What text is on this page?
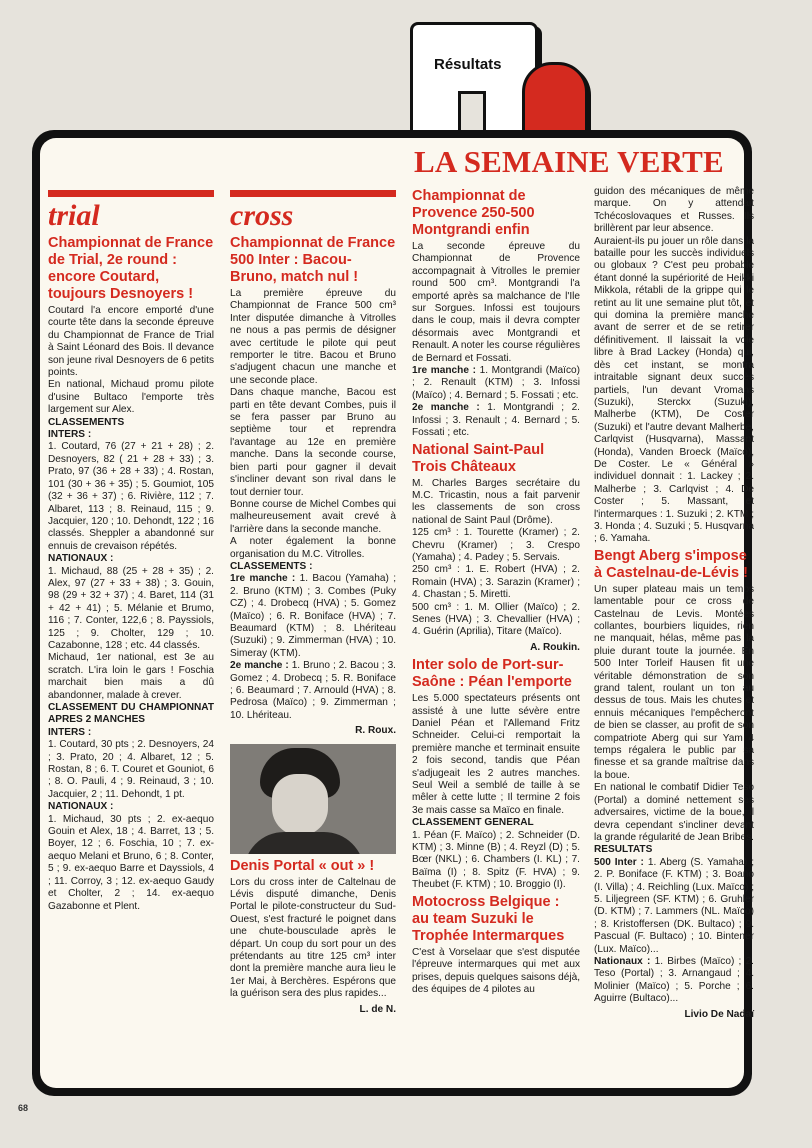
Résultats
LA SEMAINE VERTE
trial
Championnat de France de Trial, 2e round : encore Coutard, toujours Desnoyers !

Coutard l'a encore emporté d'une courte tête dans la seconde épreuve du Championnat de France de Trial à Saint Léonard des Bois. Il devance son jeune rival Desnoyers de 6 petits points.

En national, Michaud promu pilote d'usine Bultaco l'emporte très largement sur Alex.

CLASSEMENTS

INTERS :

1. Coutard, 76 (27 + 21 + 28) ; 2. Desnoyers, 82 ( 21 + 28 + 33) ; 3. Prato, 97 (36 + 28 + 33) ; 4. Rostan, 101 (30 + 36 + 35) ; 5. Goumiot, 105 (32 + 36 + 37) ; 6. Rivière, 112 ; 7. Albaret, 113 ; 8. Reinaud, 115 ; 9. Jacquier, 120 ; 10. Dehondt, 122 ; 16 classés. Sheppler a abandonné sur ennuis de crevaison répétés.

NATIONAUX :

1. Michaud, 88 (25 + 28 + 35) ; 2. Alex, 97 (27 + 33 + 38) ; 3. Gouin, 98 (29 + 32 + 37) ; 4. Baret, 114 (31 + 42 + 41) ; 5. Mélanie et Brumo, 116 ; 7. Conter, 122,6 ; 8. Payssiols, 125 ; 9. Cholter, 129 ; 10. Cazabonne, 128 ; etc. 44 classés.

Michaud, 1er national, est 3e au scratch. L'ira loin le gars ! Foschia marchait bien mais a dû abandonner, malade à crever.

CLASSEMENT DU CHAMPIONNAT APRES 2 MANCHES

INTERS :

1. Coutard, 30 pts ; 2. Desnoyers, 24 ; 3. Prato, 20 ; 4. Albaret, 12 ; 5. Rostan, 8 ; 6. T. Couret et Gouniot, 6 ; 8. O. Pauli, 4 ; 9. Reinaud, 3 ; 10. Jacquier, 2 ; 11. Dehondt, 1 pt.

NATIONAUX :

1. Michaud, 30 pts ; 2. ex-aequo Gouin et Alex, 18 ; 4. Barret, 13 ; 5. Boyer, 12 ; 6. Foschia, 10 ; 7. ex-aequo Melani et Bruno, 6 ; 8. Conter, 5 ; 9. ex-aequo Barre et Dayssiols, 4 ; 11. Corroy, 3 ; 12. ex-aequo Gaudy et Cholter, 2 ; 14. ex-aequo Gazabonne et Plent.

cross
Championnat de France 500 Inter : Bacou-Bruno, match nul !

La première épreuve du Championnat de France 500 cm³ Inter disputée dimanche à Vitrolles ne nous a pas permis de désigner avec certitude le pilote qui peut remporter le titre. Bacou et Bruno s'adjugent chacun une manche et une seconde place.

Dans chaque manche, Bacou est parti en tête devant Combes, puis il se fera passer par Bruno au septième tour et reprendra l'avantage au 12e en première manche. Dans la seconde course, bien parti pour gagner il devait s'incliner devant son rival dans le tout dernier tour.

Bonne course de Michel Combes qui malheureusement avait crevé à l'arrière dans la seconde manche.

A noter également la bonne organisation du M.C. Vitrolles.

CLASSEMENTS :

1re manche : 1. Bacou (Yamaha) ; 2. Bruno (KTM) ; 3. Combes (Puky CZ) ; 4. Drobecq (HVA) ; 5. Gomez (Maïco) ; 6. R. Boniface (HVA) ; 7. Beaumard (KTM) ; 8. Lhériteau (Suzuki) ; 9. Zimmerman (HVA) ; 10. Simeray (KTM).

2e manche : 1. Bruno ; 2. Bacou ; 3. Gomez ; 4. Drobecq ; 5. R. Boniface ; 6. Beaumard ; 7. Arnould (HVA) ; 8. Pedrosa (Maïco) ; 9. Zimmerman ; 10. Lhériteau.

R. Roux.
Denis Portal « out » !

Lors du cross inter de Caltelnau de Lévis disputé dimanche, Denis Portal le pilote-constructeur du Sud-Ouest, s'est fracturé le poignet dans une chute-bousculade après le départ. Un coup du sort pour un des prétendants au titre 125 cm³ inter dont la première manche aura lieu le 1er Mai, à Berchères. Espérons que la guérison sera des plus rapides...

L. de N.
Championnat de Provence 250-500 Montgrandi enfin

La seconde épreuve du Championnat de Provence accompagnait à Vitrolles le premier round 500 cm³. Montgrandi l'a emporté après sa malchance de l'Ile sur Sorgues. Infossi est toujours dans le coup, mais il devra compter désormais avec Montgrandi et Renault. A noter les course régulières de Bernard et Fossati.

1re manche : 1. Montgrandi (Maïco) ; 2. Renault (KTM) ; 3. Infossi (Maïco) ; 4. Bernard ; 5. Fossati ; etc.

2e manche : 1. Montgrandi ; 2. Infossi ; 3. Renault ; 4. Bernard ; 5. Fossati ; etc.

National Saint-Paul Trois Châteaux

M. Charles Barges secrétaire du M.C. Tricastin, nous a fait parvenir les classements de son cross national de Saint Paul (Drôme).

125 cm³ : 1. Tourette (Kramer) ; 2. Chevru (Kramer) ; 3. Crespo (Yamaha) ; 4. Padey ; 5. Servais.

250 cm³ : 1. E. Robert (HVA) ; 2. Romain (HVA) ; 3. Sarazin (Kramer) ; 4. Chastan ; 5. Miretti.

500 cm³ : 1. M. Ollier (Maïco) ; 2. Senes (HVA) ; 3. Chevallier (HVA) ; 4. Guérin (Aprilia), Titare (Maïco).

A. Roukin.
Inter solo de Port-sur-Saône : Péan l'emporte

Les 5.000 spectateurs présents ont assisté à une lutte sévère entre Daniel Péan et l'Allemand Fritz Schneider. Celui-ci remportait la première manche et terminait ensuite 2 fois second, tandis que Péan s'adjugeait les 2 autres manches. Seul Weil a semblé de taille à se mêler à cette lutte ; Il termine 2 fois 3e mais casse sa Maïco en finale.

CLASSEMENT GENERAL

1. Péan (F. Maïco) ; 2. Schneider (D. KTM) ; 3. Minne (B) ; 4. Reyzl (D) ; 5. Bœr (NKL) ; 6. Chambers (I. KL) ; 7. Baïma (I) ; 8. Spitz (F. HVA) ; 9. Theubet (F. KTM) ; 10. Broggio (I).

Motocross Belgique : au team Suzuki le Trophée Intermarques

C'est à Vorselaar que s'est disputée l'épreuve intermarques qui met aux prises, depuis quelques saisons déjà, des équipes de 4 pilotes au

guidon des mécaniques de même marque. On y attendait Tchécoslovaques et Russes. Ils brillèrent par leur absence.

Auraient-ils pu jouer un rôle dans la bataille pour les succès individuels ou globaux ? C'est peu probable étant donné la supériorité de Heikki Mikkola, rétabli de la grippe qui le retint au lit une semaine plut tôt, et qui domina la première manche avant de serrer et de se retirer définitivement. Il laissait la voie libre à Brad Lackey (Honda) qui, dès cet instant, se montra intraitable signant deux succès partiels, l'un devant Vromans (Suzuki), Sterckx (Suzuki), Malherbe (KTM), De Coster (Suzuki) et l'autre devant Malherbe, Carlqvist (Husqvarna), Massant (Honda), Vanden Broeck (Maïco), De Coster. Le « Général » individuel donnait : 1. Lackey ; 2. Malherbe ; 3. Carlqvist ; 4. De Coster ; 5. Massant, et l'intermarques : 1. Suzuki ; 2. KTM ; 3. Honda ; 4. Suzuki ; 5. Husqvarna ; 6. Yamaha.

Bengt Aberg s'impose à Castelnau-de-Lévis !

Un super plateau mais un temps lamentable pour ce cross de Castelnau de Levis. Montées collantes, bourbiers liquides, rien ne manquait, hélas, même pas la pluie durant toute la journée. En 500 Inter Torleif Hausen fit une véritable démonstration de son grand talent, roulant un ton au dessus de tous. Mais les chutes et ennuis mécaniques l'empêcheront de bien se classer, au profit de son compatriote Aberg qui sur Yam 4 temps régalera le public par sa finesse et sa grande maîtrise dans la boue.

En national le combatif Didier Teso (Portal) a dominé nettement ses adversaires, victime de la boue, il devra cependant s'incliner devant la grande régularité de Jean Bribes.

RESULTATS

500 Inter : 1. Aberg (S. Yamaha) ; 2. P. Boniface (F. KTM) ; 3. Boano (I. Villa) ; 4. Reichling (Lux. Maïco) ; 5. Liljegreen (SF. KTM) ; 6. Gruhler (D. KTM) ; 7. Lammers (NL. Maïco) ; 8. Kristoffersen (DK. Bultaco) ; 9. Pascual (F. Bultaco) ; 10. Bintener (Lux. Maïco)...

Nationaux : 1. Birbes (Maïco) ; 2. Teso (Portal) ; 3. Arnangaud ; 4. Molinier (Maïco) ; 5. Porche ; 6. Aguirre (Bultaco)...

Livio De Nadaï
68
